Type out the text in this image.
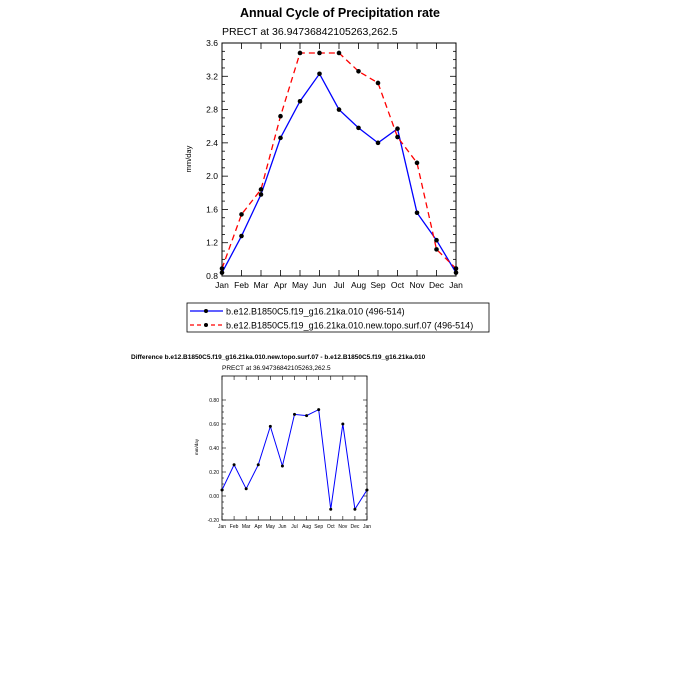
Annual Cycle of Precipitation rate
PRECT at 36.94736842105263,262.5
mm/day
0.8
1.2
1.6
2.0
2.4
2.8
3.2
3.6
Jan Feb Mar Apr May Jun Jul Aug Sep Oct Nov Dec Jan
b.e12.B1850C5.f19_g16.21ka.010 (496-514)
b.e12.B1850C5.f19_g16.21ka.010.new.topo.surf.07 (496-514)
Difference b.e12.B1850C5.f19_g16.21ka.010.new.topo.surf.07 - b.e12.B1850C5.f19_g16.21ka.010
PRECT at 36.94736842105263,262.5
mm/day
-0.20
0.00
0.20
0.40
0.60
0.80
Jan Feb Mar Apr May Jun Jul Aug Sep Oct Nov Dec Jan
